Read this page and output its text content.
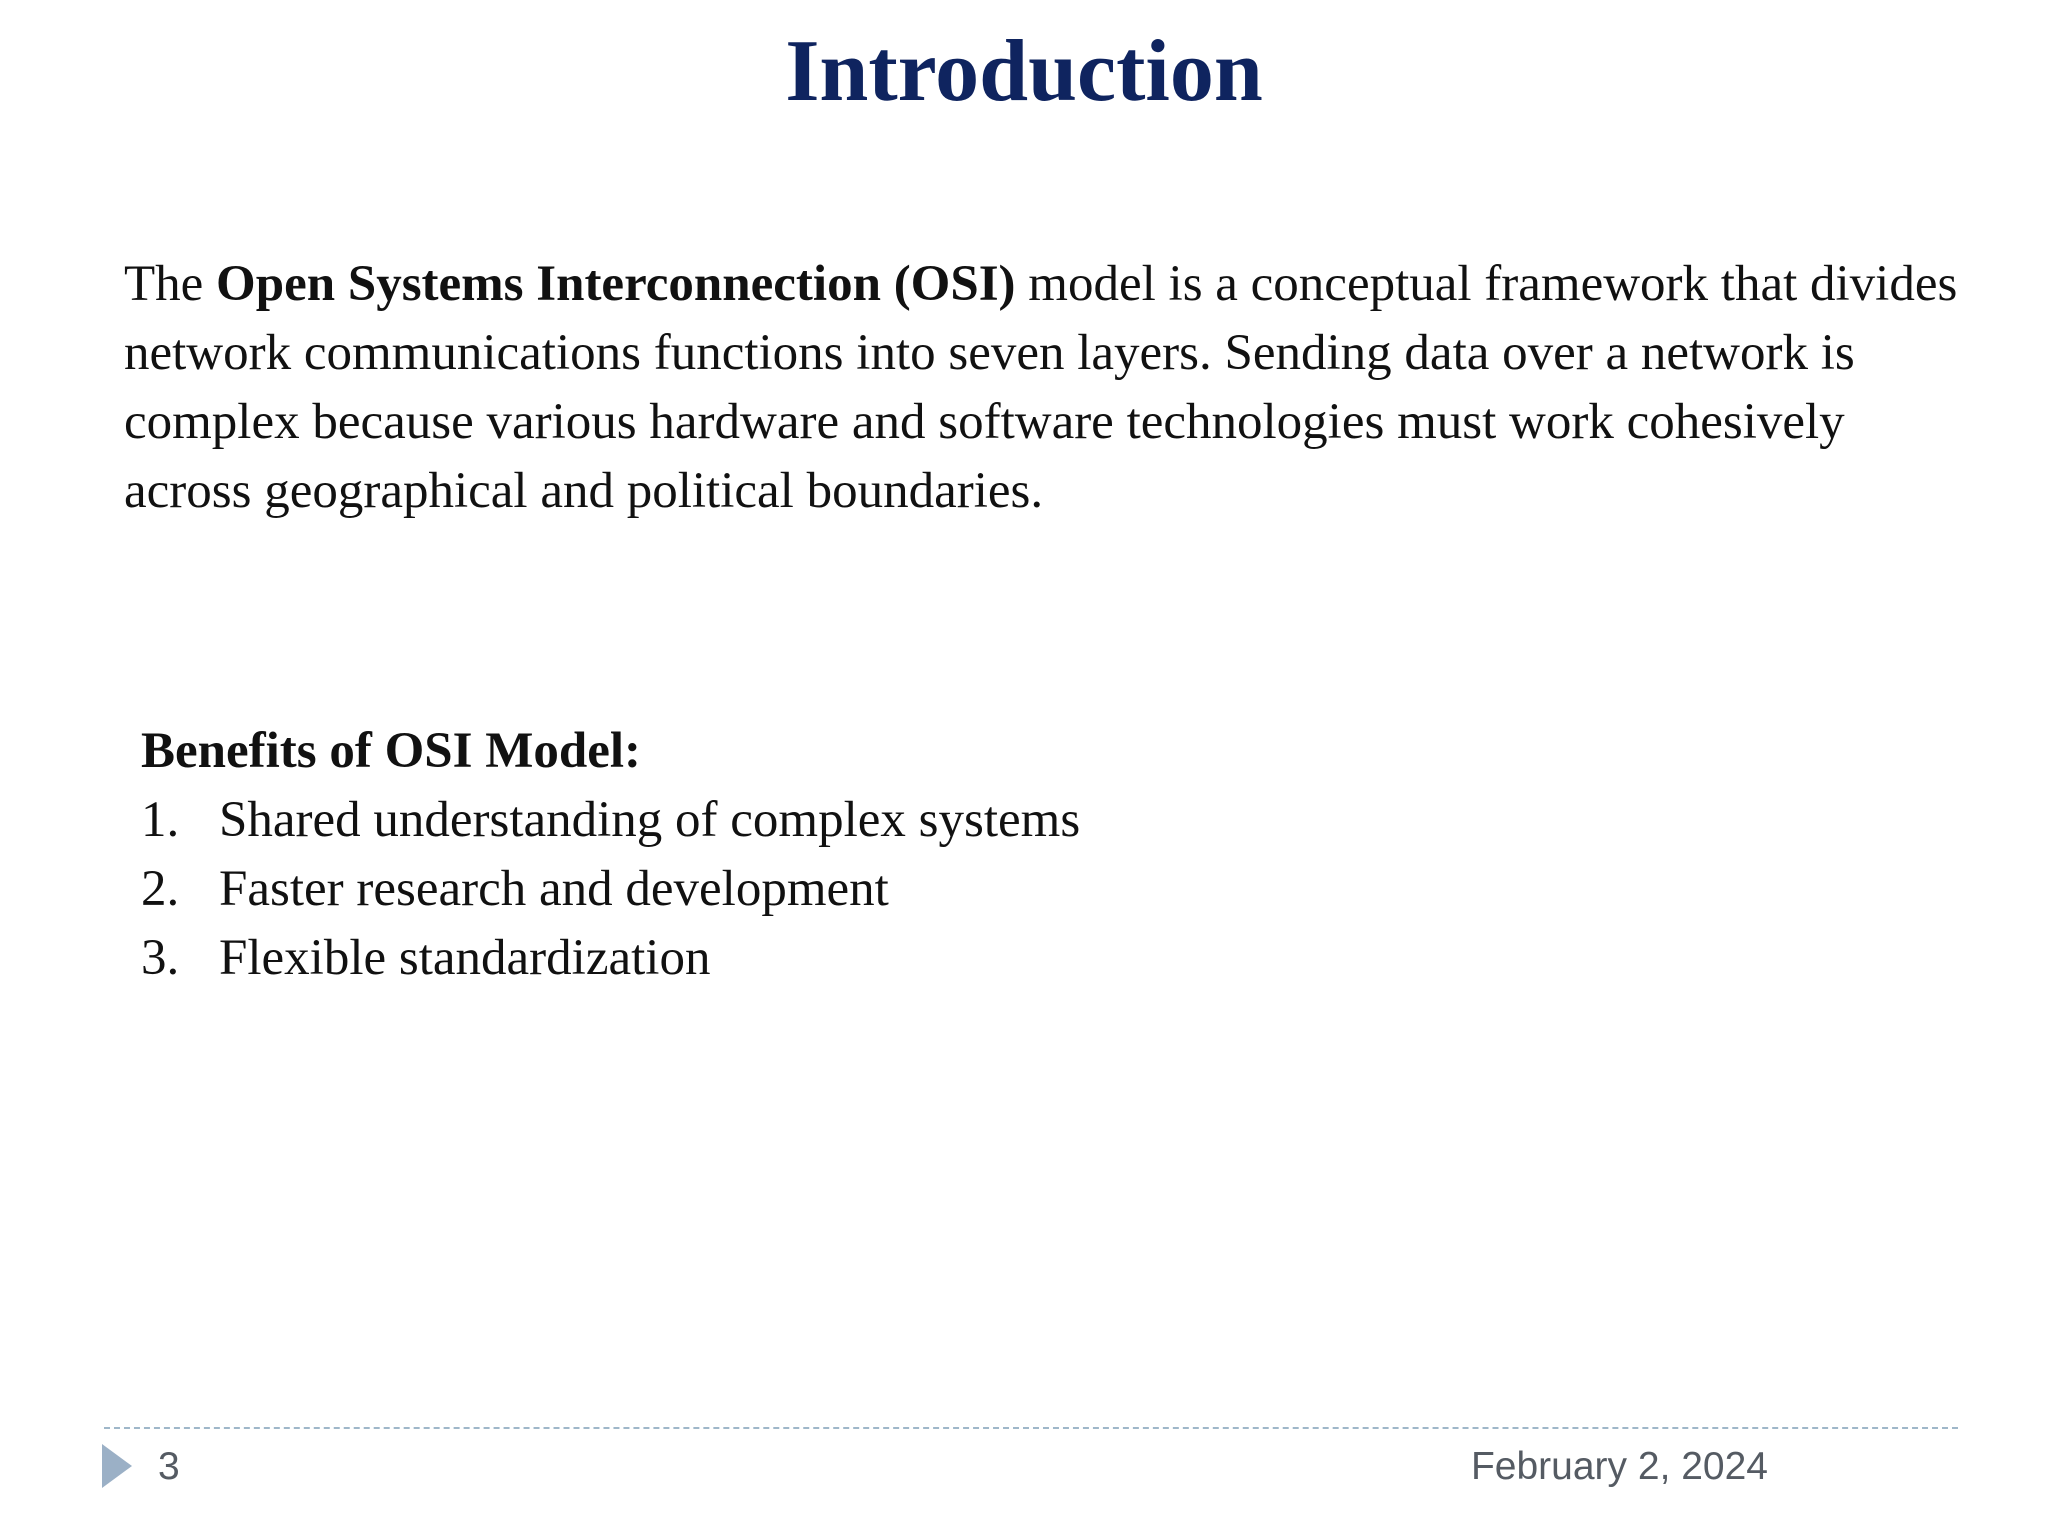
Introduction
The Open Systems Interconnection (OSI) model is a conceptual framework that divides network communications functions into seven layers. Sending data over a network is complex because various hardware and software technologies must work cohesively across geographical and political boundaries.
Benefits of OSI Model:
1. Shared understanding of complex systems
2. Faster research and development
3. Flexible standardization
3	February 2, 2024
